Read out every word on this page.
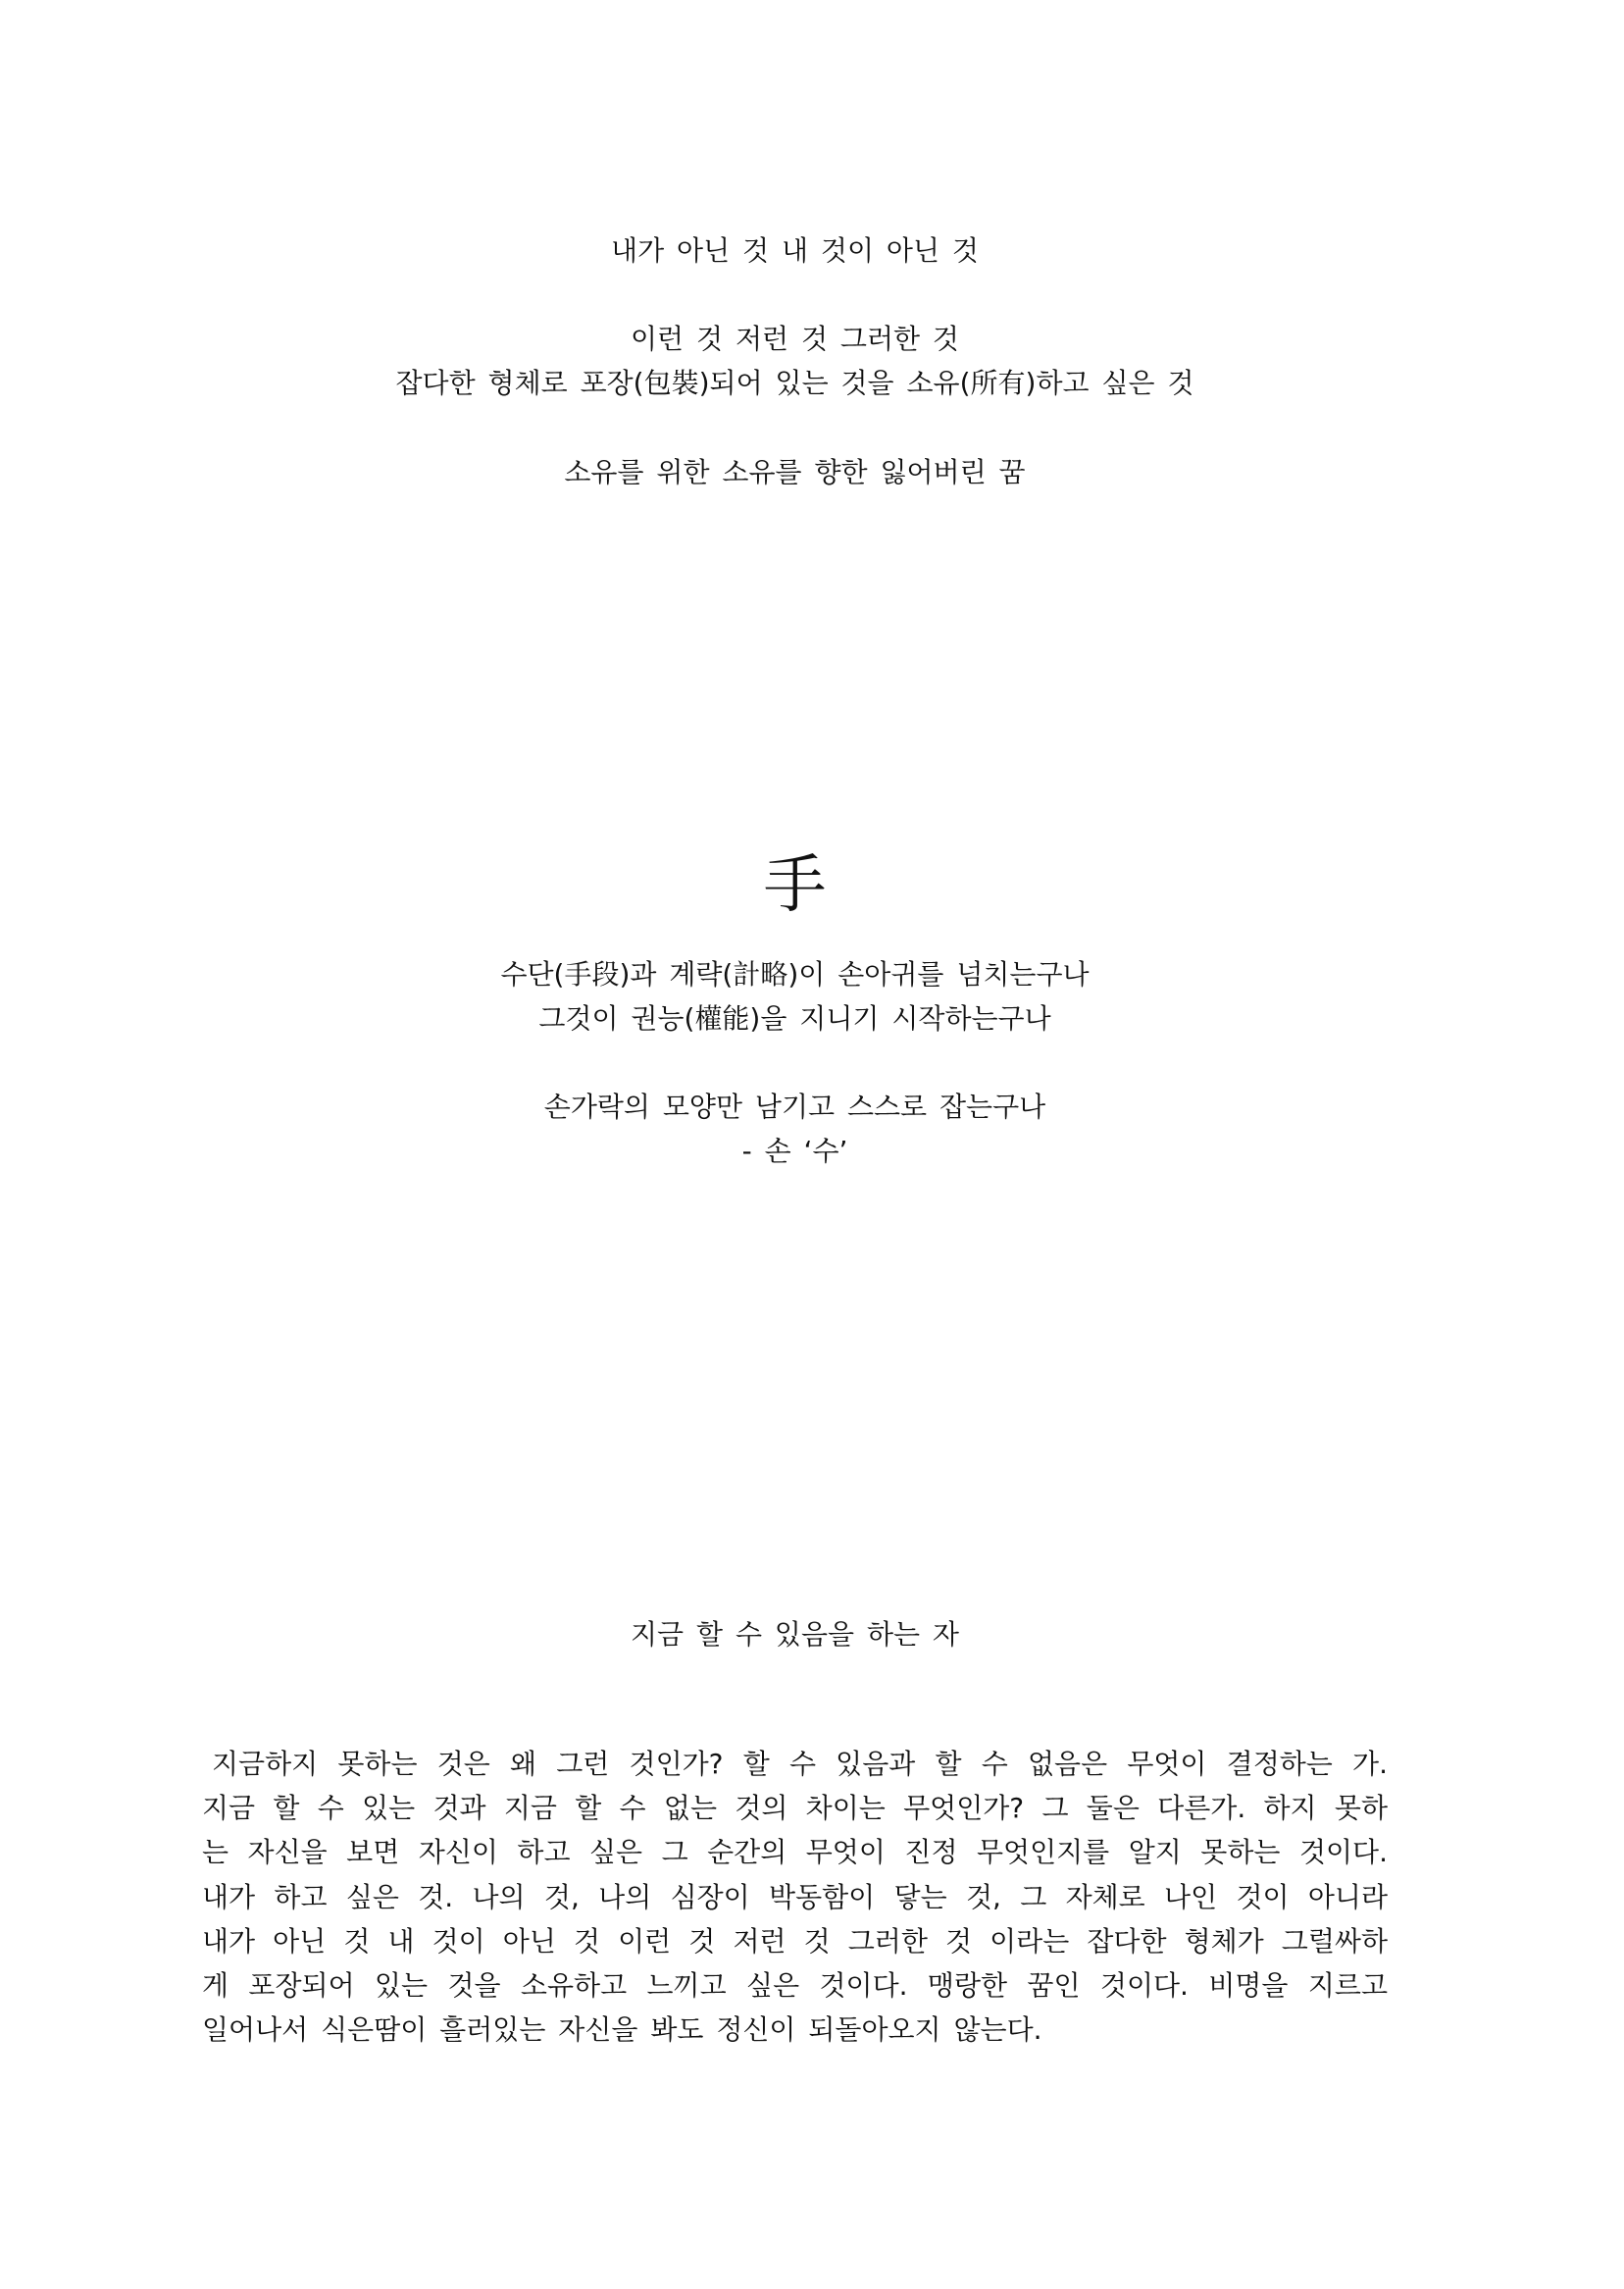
내가 아닌 것 내 것이 아닌 것
이런 것 저런 것 그러한 것
잡다한 형체로 포장(包裝)되어 있는 것을 소유(所有)하고 싶은 것
소유를 위한 소유를 향한 잃어버린 꿈
手
수단(手段)과 계략(計略)이 손아귀를 넘치는구나
그것이 권능(權能)을 지니기 시작하는구나
손가락의 모양만 남기고 스스로 잡는구나
- 손 ‘수’
지금 할 수 있음을 하는 자
지금하지 못하는 것은 왜 그런 것인가? 할 수 있음과 할 수 없음은 무엇이 결정하는 가.
지금 할 수 있는 것과 지금 할 수 없는 것의 차이는 무엇인가? 그 둘은 다른가. 하지 못하
는 자신을 보면 자신이 하고 싶은 그 순간의 무엇이 진정 무엇인지를 알지 못하는 것이다.
내가 하고 싶은 것. 나의 것, 나의 심장이 박동함이 닿는 것, 그 자체로 나인 것이 아니라
내가 아닌 것 내 것이 아닌 것 이런 것 저런 것 그러한 것 이라는 잡다한 형체가 그럴싸하
게 포장되어 있는 것을 소유하고 느끼고 싶은 것이다. 맹랑한 꿈인 것이다. 비명을 지르고
일어나서 식은땀이 흘러있는 자신을 봐도 정신이 되돌아오지 않는다.
